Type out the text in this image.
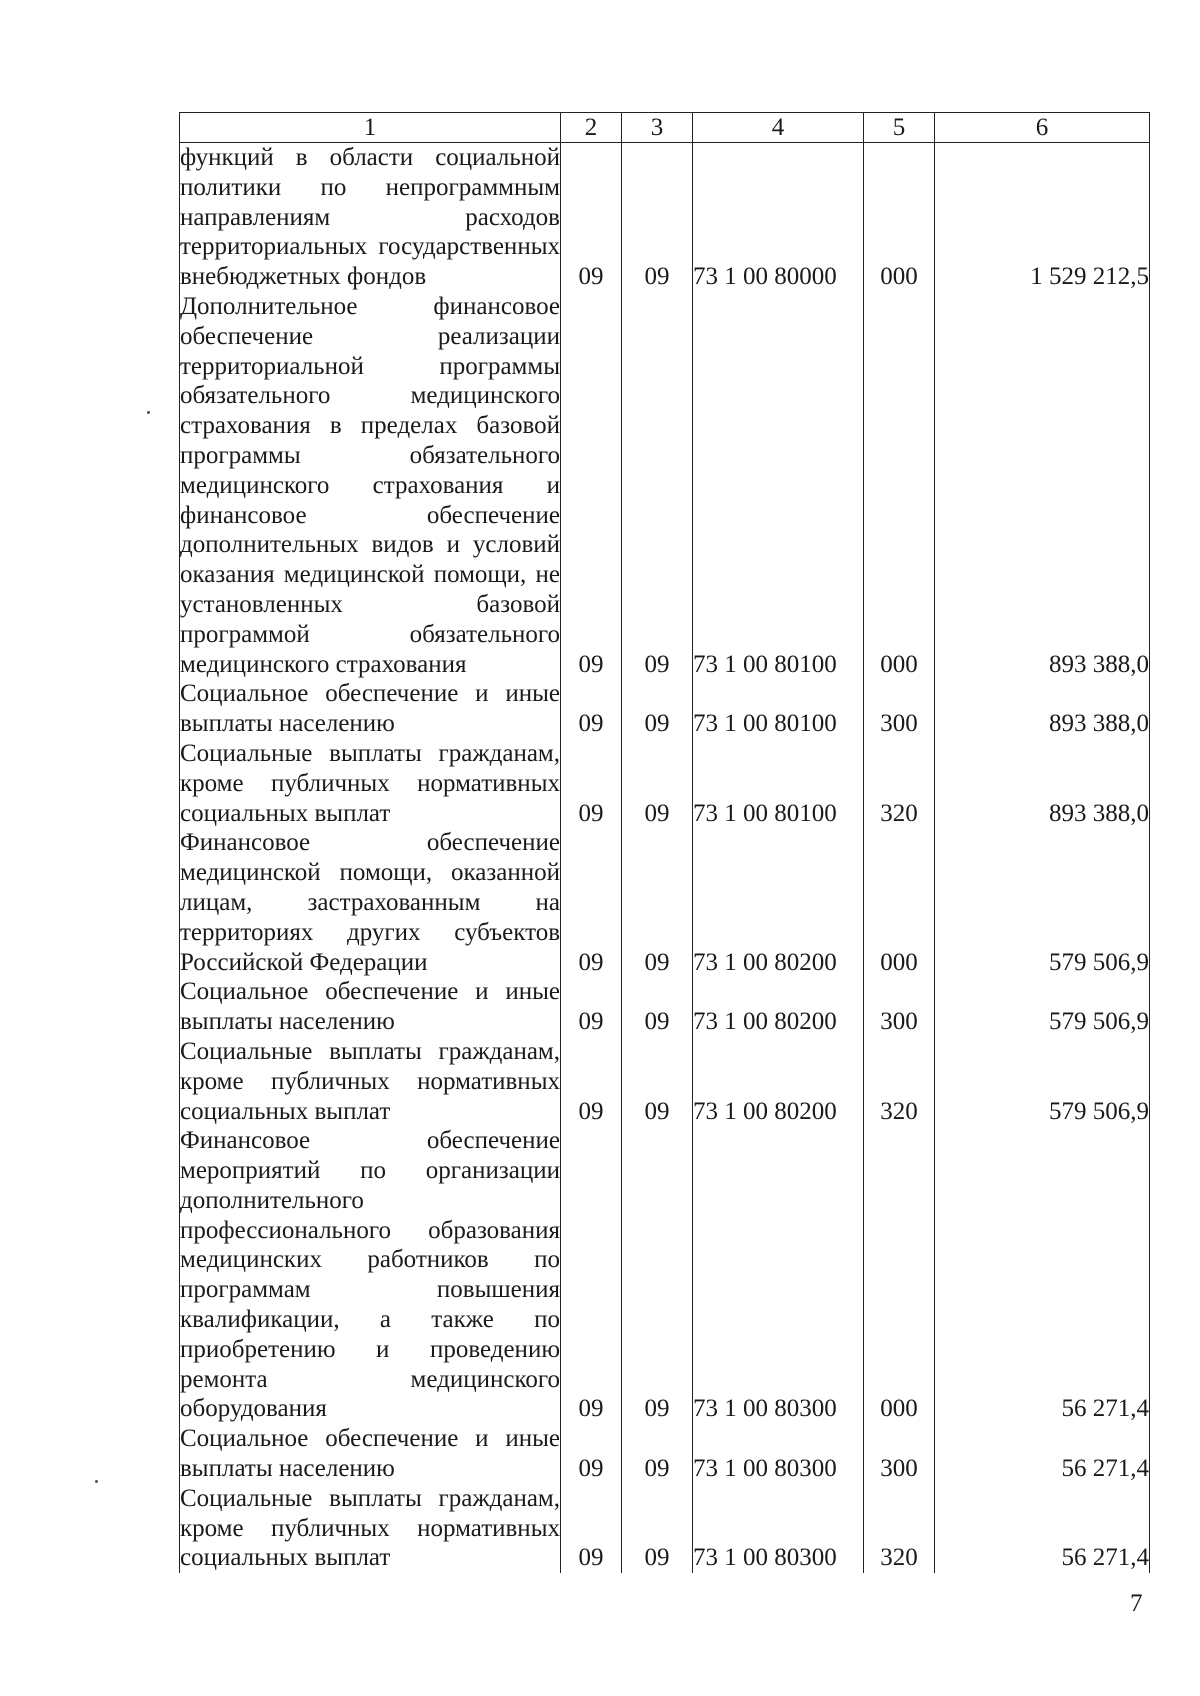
1	2	3	4	5	6
функций в области социальной политики по непрограммным направлениям расходов территориальных государственных внебюджетных фондов	09	09	73 1 00 80000	000	1 529 212,5
Дополнительное финансовое обеспечение реализации территориальной программы обязательного медицинского страхования в пределах базовой программы обязательного медицинского страхования и финансовое обеспечение дополнительных видов и условий оказания медицинской помощи, не установленных базовой программой обязательного медицинского страхования	09	09	73 1 00 80100	000	893 388,0
Социальное обеспечение и иные выплаты населению	09	09	73 1 00 80100	300	893 388,0
Социальные выплаты гражданам, кроме публичных нормативных социальных выплат	09	09	73 1 00 80100	320	893 388,0
Финансовое обеспечение медицинской помощи, оказанной лицам, застрахованным на территориях других субъектов Российской Федерации	09	09	73 1 00 80200	000	579 506,9
Социальное обеспечение и иные выплаты населению	09	09	73 1 00 80200	300	579 506,9
Социальные выплаты гражданам, кроме публичных нормативных социальных выплат	09	09	73 1 00 80200	320	579 506,9
Финансовое обеспечение мероприятий по организации дополнительного профессионального образования медицинских работников по программам повышения квалификации, а также по приобретению и проведению ремонта медицинского оборудования	09	09	73 1 00 80300	000	56 271,4
Социальное обеспечение и иные выплаты населению	09	09	73 1 00 80300	300	56 271,4
Социальные выплаты гражданам, кроме публичных нормативных социальных выплат	09	09	73 1 00 80300	320	56 271,4
7
